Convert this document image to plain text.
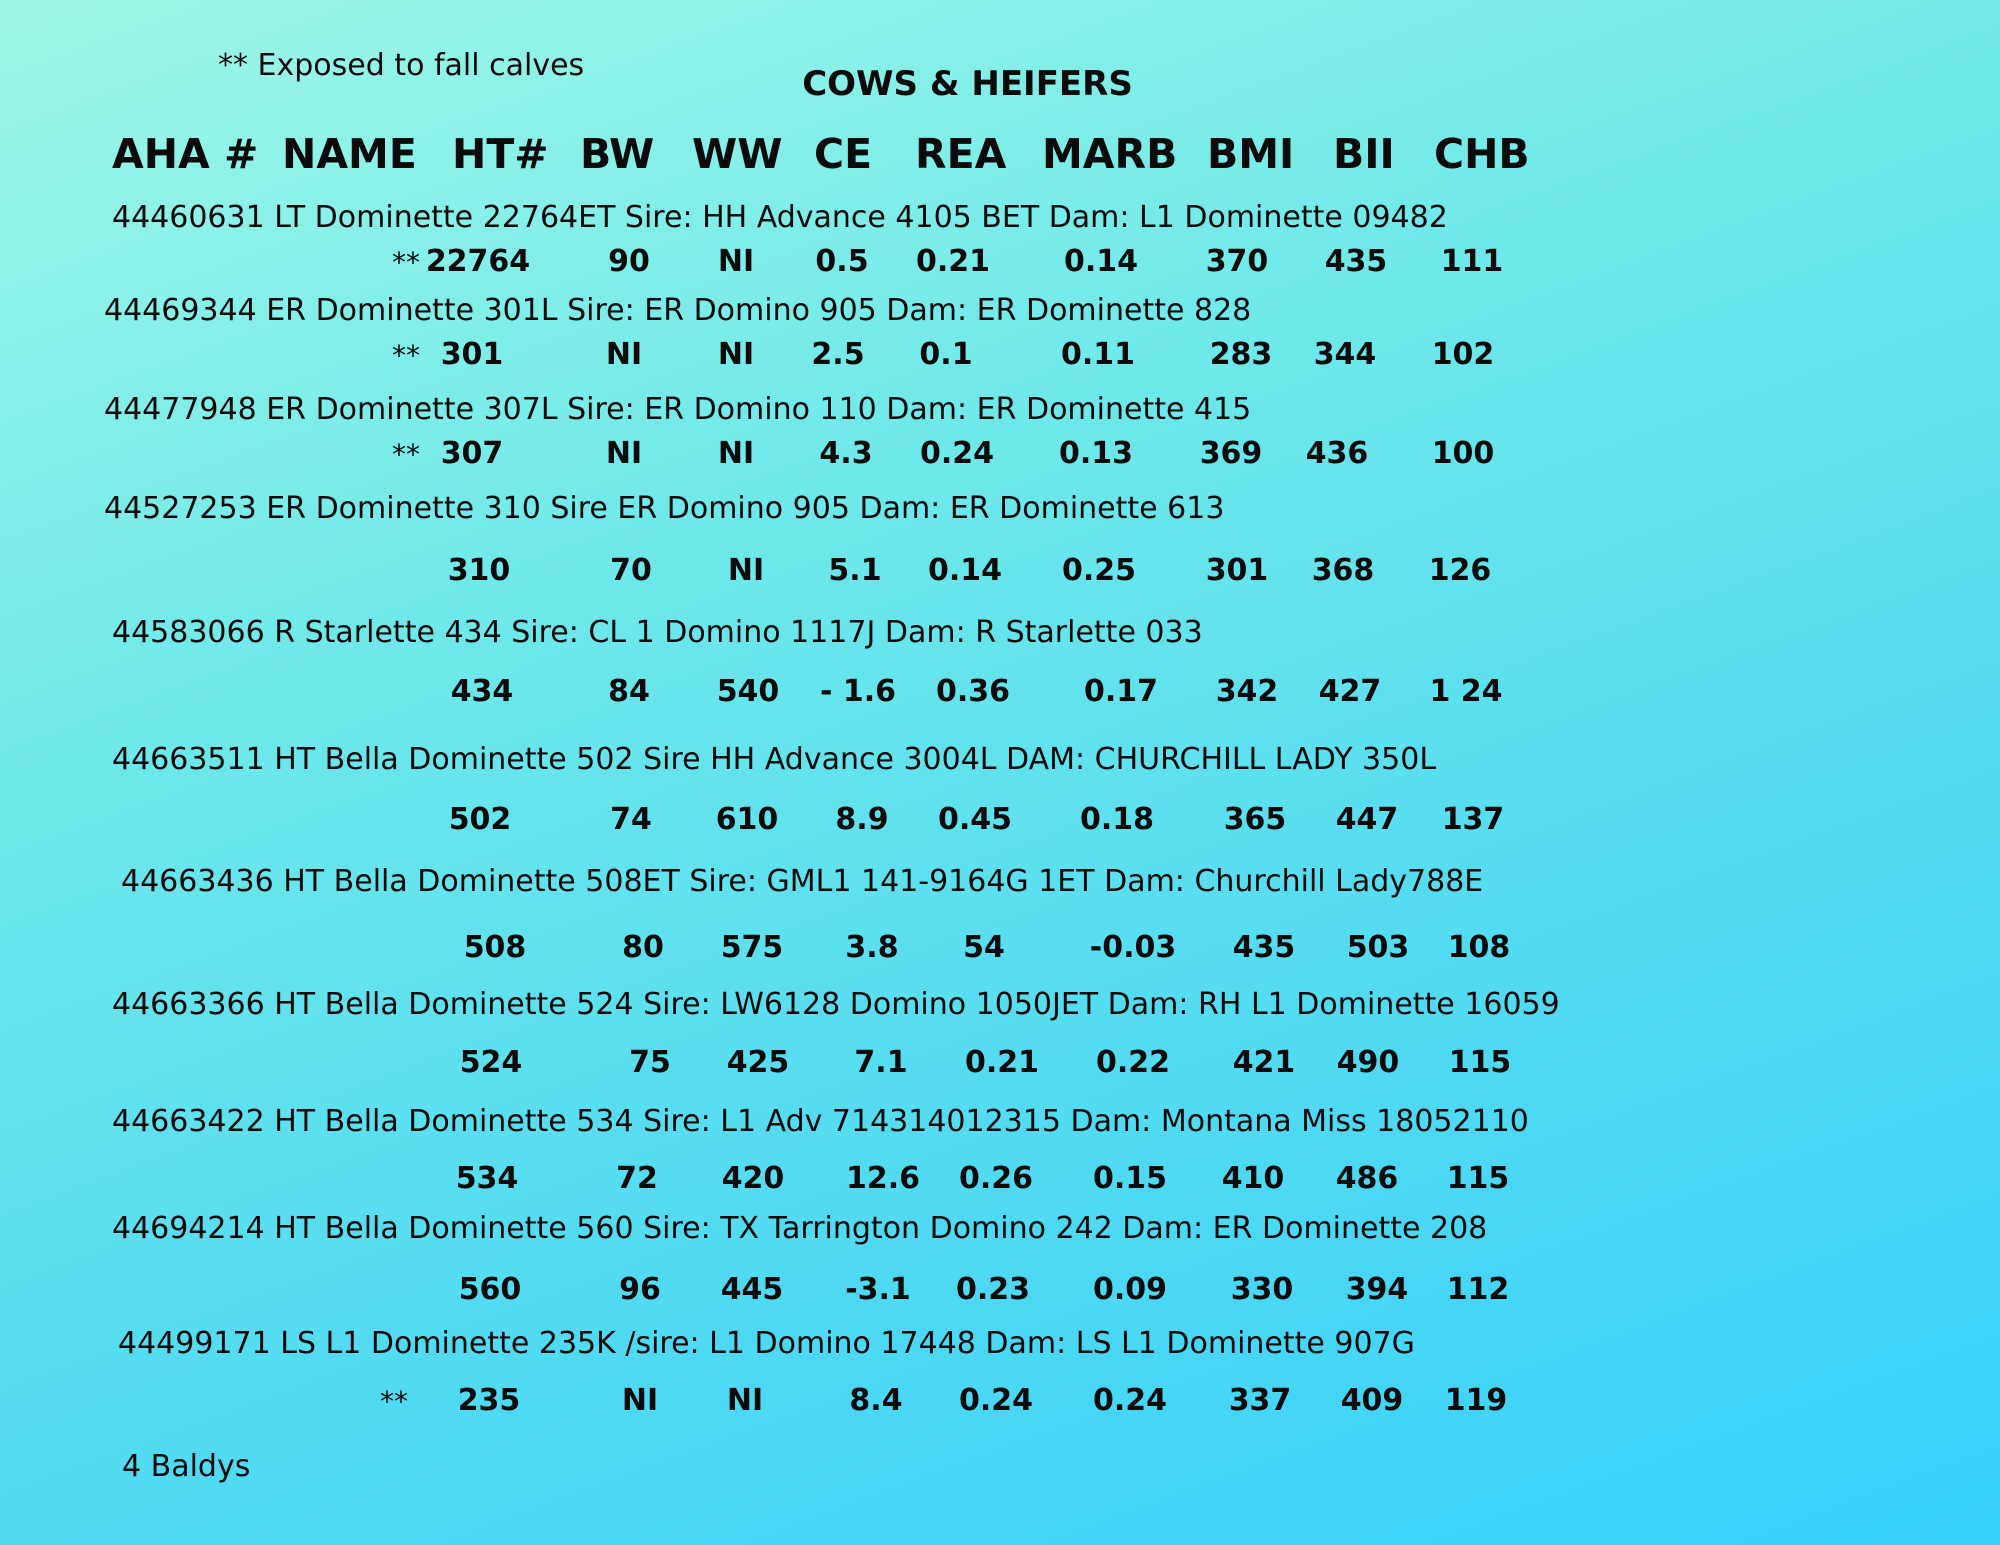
** Exposed to fall calves	COWS & HEIFERS
AHA # NAME HT# BW WW CE REA MARB BMI BII CHB
44460631 LT Dominette 22764ET Sire: HH Advance 4105 BET Dam: L1 Dominette 09482
** 22764	90 NI 0.5 0.21 0.14 370 435 111
44469344 ER Dominette 301L Sire: ER Domino 905 Dam: ER Dominette 828
** 301	NI	NI 2.5 0.1	0.11 283 344 102
44477948 ER Dominette 307L Sire: ER Domino 110 Dam: ER Dominette 415
** 307	NI	NI 4.3 0.24 0.13 369 436 100
44527253 ER Dominette 310 Sire ER Domino 905 Dam: ER Dominette 613
310	70	NI 5.1 0.14 0.25 301 368 126
44583066 R Starlette 434 Sire: CL 1 Domino 1117J Dam: R Starlette 033
434	84 540 - 1.6 0.36 0.17 342 427 1 24
44663511 HT Bella Dominette 502 Sire HH Advance 3004L DAM: CHURCHILL LADY 350L
502	74 610 8.9 0.45 0.18 365 447 137
44663436 HT Bella Dominette 508ET Sire: GML1 141-9164G 1ET Dam: Churchill Lady788E
508	80 575 3.8 54	-0.03 435 503 108
44663366 HT Bella Dominette 524 Sire: LW6128 Domino 1050JET Dam: RH L1 Dominette 16059
524	75 425 7.1 0.21 0.22 421 490 115
44663422 HT Bella Dominette 534 Sire: L1 Adv 714314012315 Dam: Montana Miss 18052110
534	72 420 12.6 0.26 0.15 410 486 115
44694214 HT Bella Dominette 560 Sire: TX Tarrington Domino 242 Dam: ER Dominette 208
560	96 445 -3.1 0.23 0.09 330 394 112
44499171 LS L1 Dominette 235K /sire: L1 Domino 17448 Dam: LS L1 Dominette 907G
** 235	NI NI	8.4 0.24 0.24 337 409 119
4 Baldys
